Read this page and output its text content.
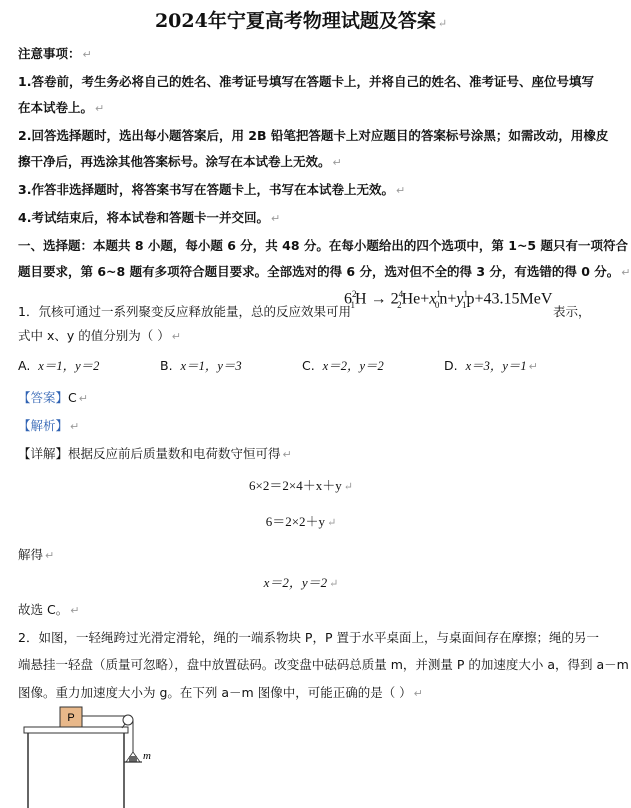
2024年宁夏高考物理试题及答案 ↵
注意事项： ↵
1.答卷前，考生务必将自己的姓名、准考证号填写在答题卡上，并将自己的姓名、准考证号、座位号填写
在本试卷上。 ↵
2.回答选择题时，选出每小题答案后，用 2B 铅笔把答题卡上对应题目的答案标号涂黑；如需改动，用橡皮
擦干净后，再选涂其他答案标号。涂写在本试卷上无效。 ↵
3.作答非选择题时，将答案书写在答题卡上，书写在本试卷上无效。 ↵
4.考试结束后，将本试卷和答题卡一并交回。 ↵
一、选择题：本题共 8 小题，每小题 6 分，共 48 分。在每小题给出的四个选项中，第 1~5 题只有一项符合
题目要求，第 6~8 题有多项符合题目要求。全部选对的得 6 分，选对但不全的得 3 分，有选错的得 0 分。 ↵
1．氘核可通过一系列聚变反应释放能量，总的反应效果可用
$6^2_1H \to 2^4_2He+x^1_0n+y^1_1p+43.15MeV$
表示，
式中 x、y 的值分别为（ ） ↵
A. x＝1，y＝2	B. x＝1，y＝3	C. x＝2，y＝2	D. x＝3，y＝1 ↵
【答案】C ↵
【解析】 ↵
【详解】根据反应前后质量数和电荷数守恒可得 ↵
6×2＝2×4＋x＋y ↵
6＝2×2＋y ↵
解得 ↵
x＝2，y＝2 ↵
故选 C。 ↵
2．如图，一轻绳跨过光滑定滑轮，绳的一端系物块 P，P 置于水平桌面上，与桌面间存在摩擦；绳的另一
端悬挂一轻盘（质量可忽略），盘中放置砝码。改变盘中砝码总质量 m，并测量 P 的加速度大小 a，得到 a－m
图像。重力加速度大小为 g。在下列 a－m 图像中，可能正确的是（ ） ↵
P
m
